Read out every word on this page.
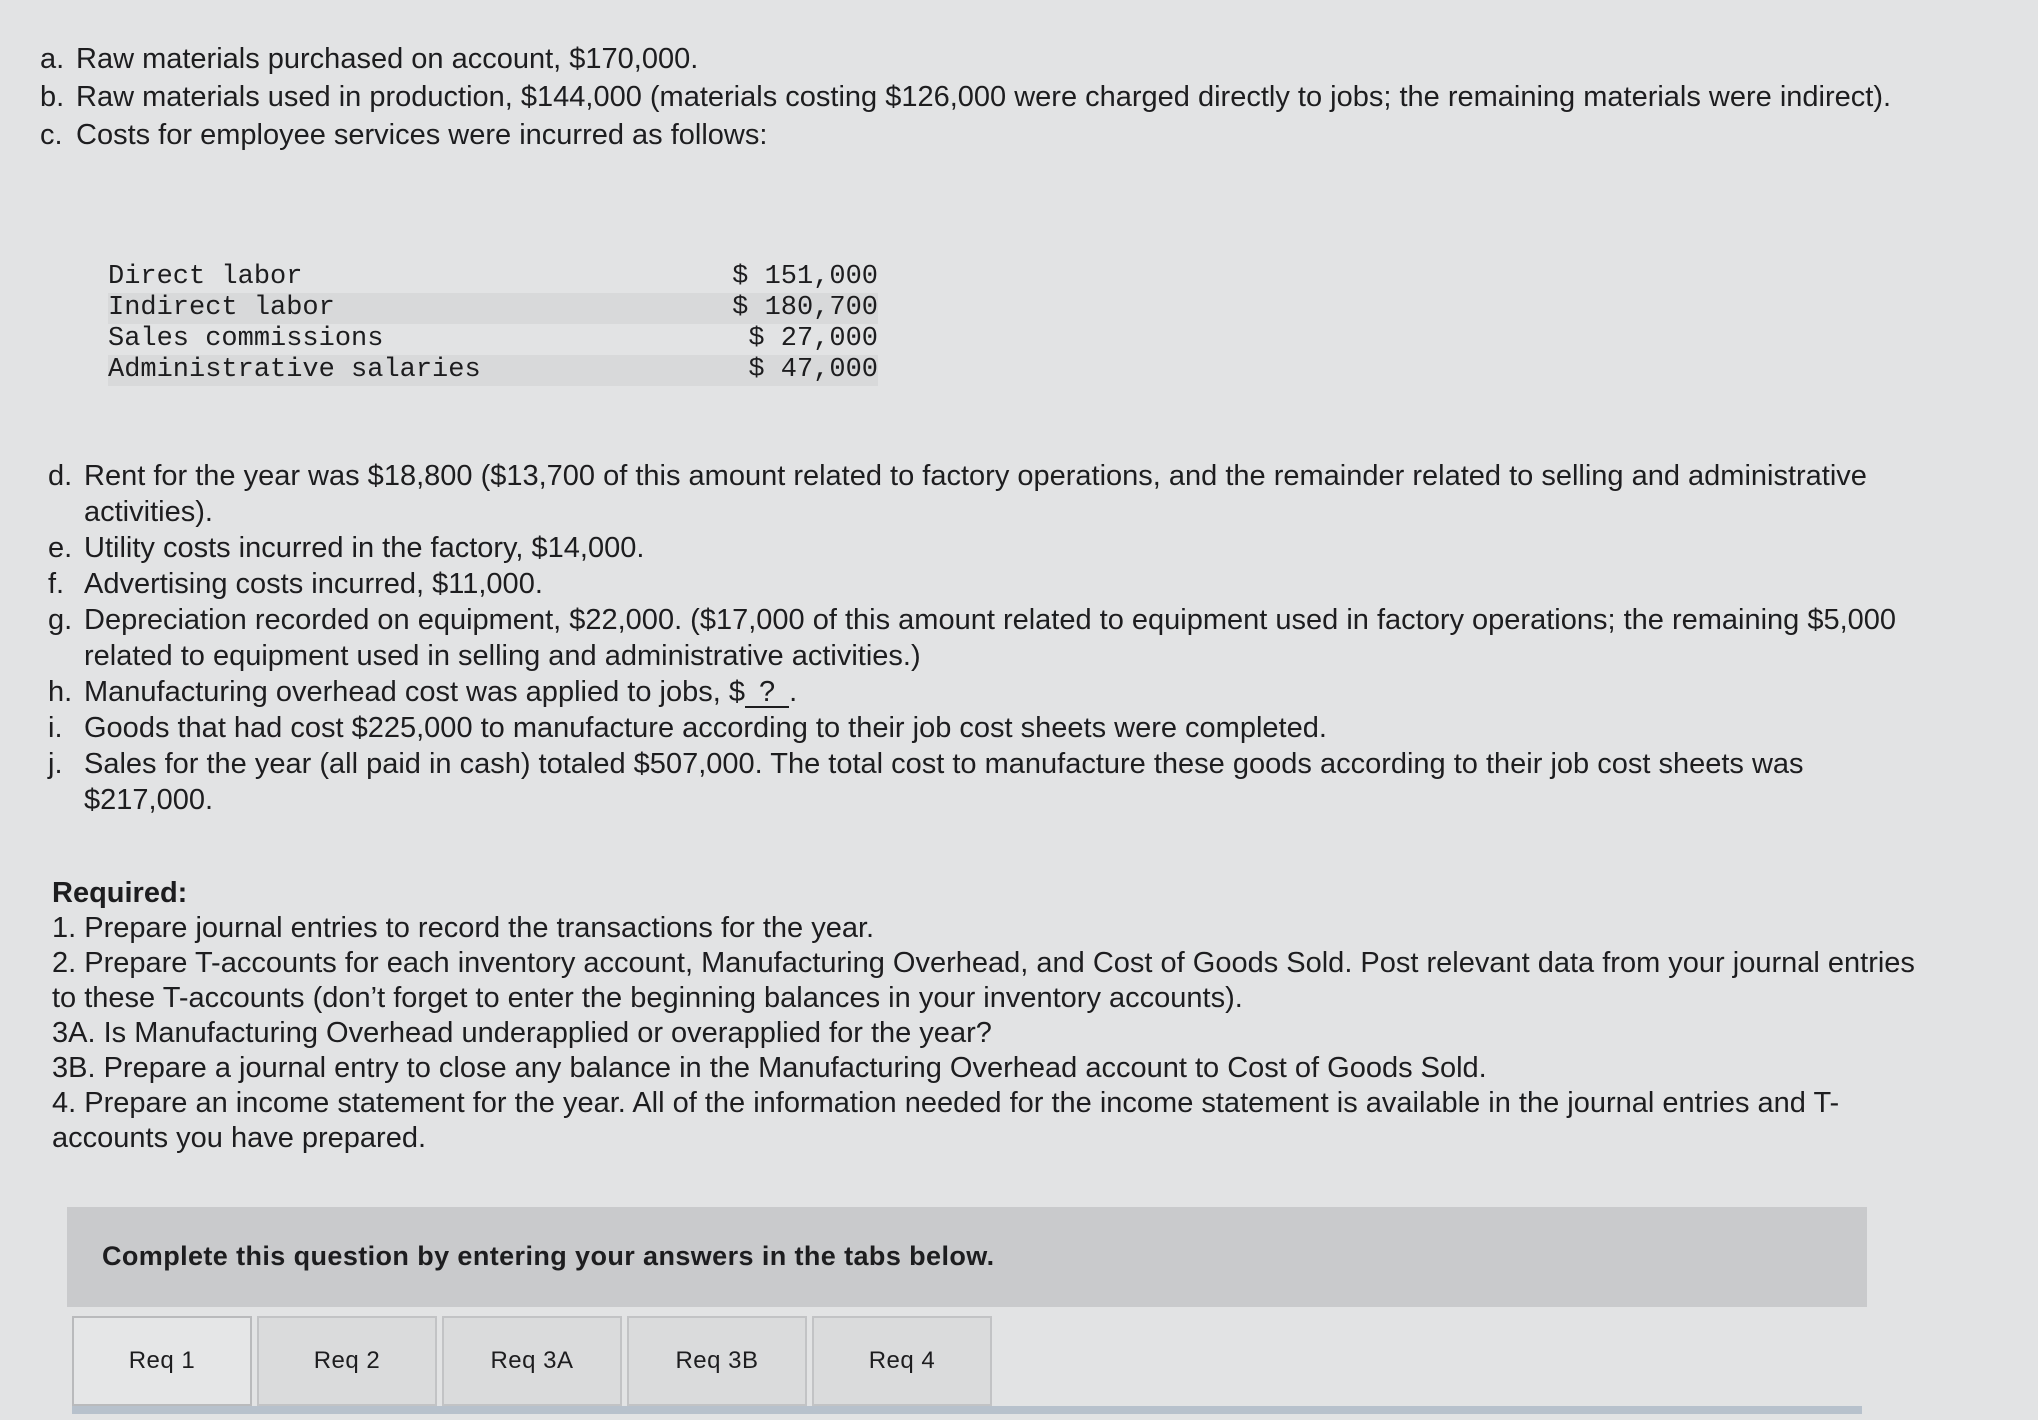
a. Raw materials purchased on account, $170,000.
b. Raw materials used in production, $144,000 (materials costing $126,000 were charged directly to jobs; the remaining materials were indirect).
c. Costs for employee services were incurred as follows:
Direct labor	$ 151,000
Indirect labor	$ 180,700
Sales commissions	$ 27,000
Administrative salaries	$ 47,000
d. Rent for the year was $18,800 ($13,700 of this amount related to factory operations, and the remainder related to selling and administrative activities).
e. Utility costs incurred in the factory, $14,000.
f. Advertising costs incurred, $11,000.
g. Depreciation recorded on equipment, $22,000. ($17,000 of this amount related to equipment used in factory operations; the remaining $5,000 related to equipment used in selling and administrative activities.)
h. Manufacturing overhead cost was applied to jobs, $ ? .
i. Goods that had cost $225,000 to manufacture according to their job cost sheets were completed.
j. Sales for the year (all paid in cash) totaled $507,000. The total cost to manufacture these goods according to their job cost sheets was $217,000.
Required:
1. Prepare journal entries to record the transactions for the year.
2. Prepare T-accounts for each inventory account, Manufacturing Overhead, and Cost of Goods Sold. Post relevant data from your journal entries to these T-accounts (don’t forget to enter the beginning balances in your inventory accounts).
3A. Is Manufacturing Overhead underapplied or overapplied for the year?
3B. Prepare a journal entry to close any balance in the Manufacturing Overhead account to Cost of Goods Sold.
4. Prepare an income statement for the year. All of the information needed for the income statement is available in the journal entries and T-accounts you have prepared.
Complete this question by entering your answers in the tabs below.
Req 1	Req 2	Req 3A	Req 3B	Req 4
